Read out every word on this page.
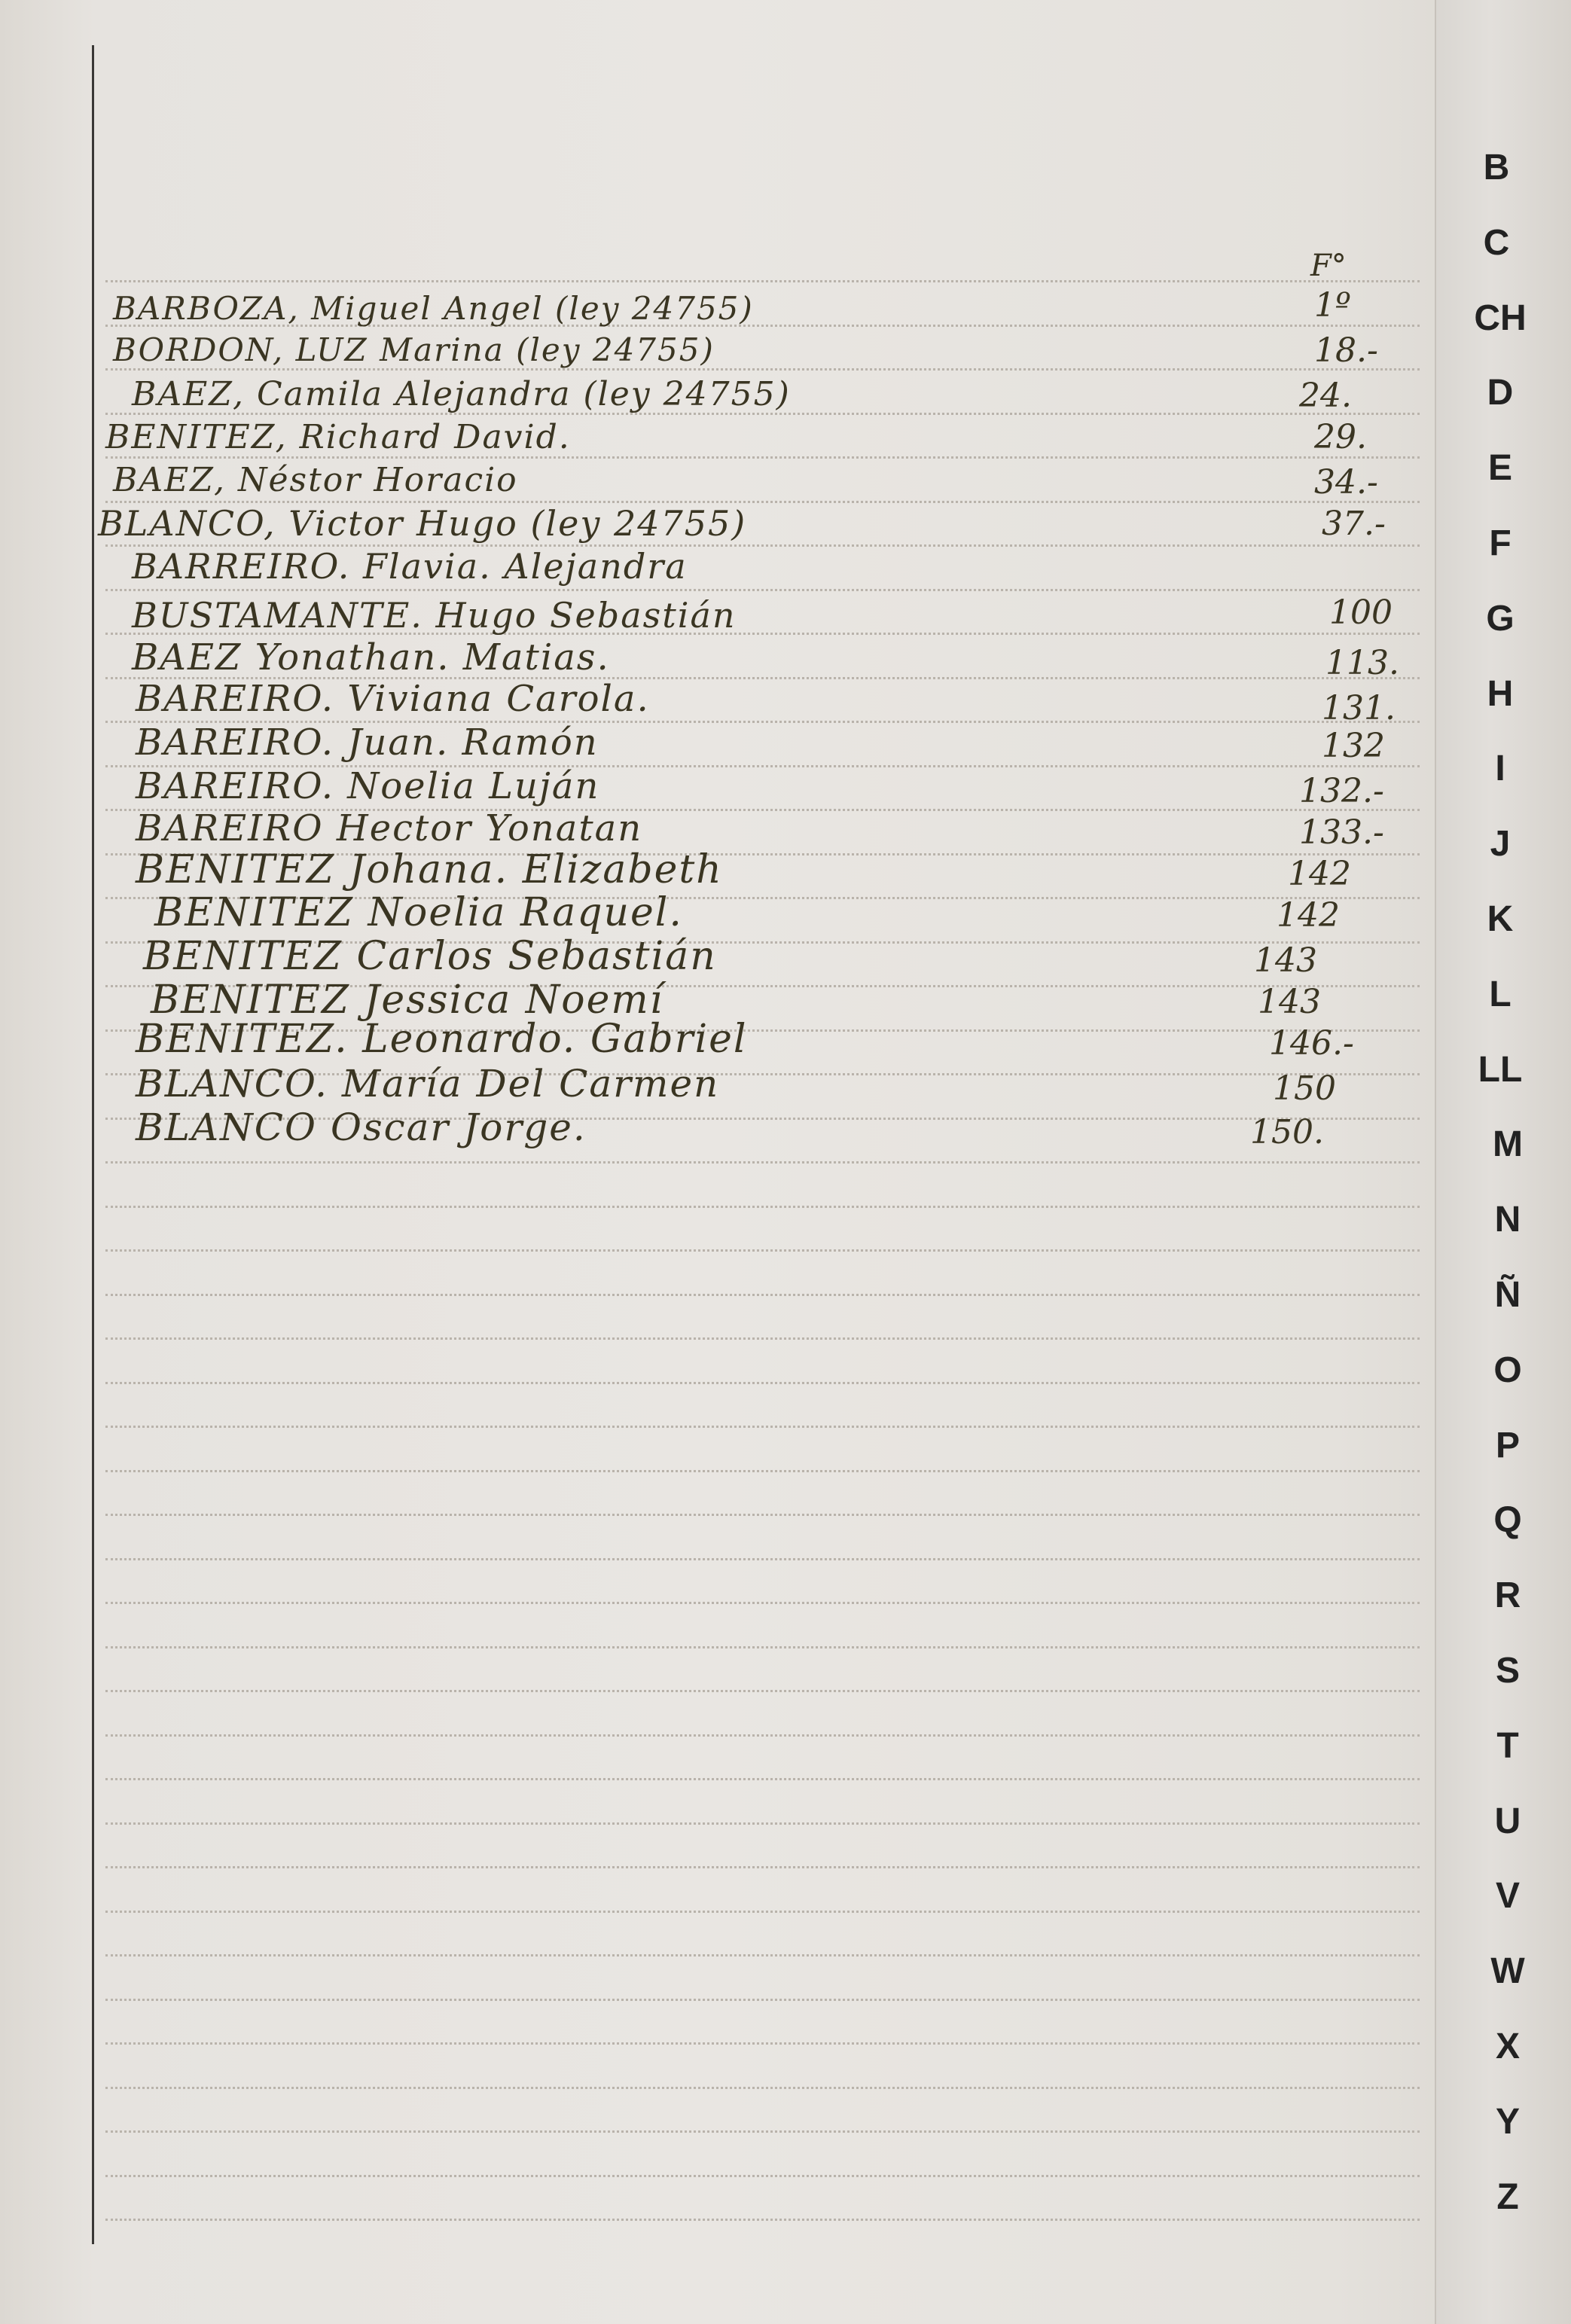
F°
BARBOZA, Miguel Angel (ley 24755)	1º
BORDON, LUZ Marina (ley 24755)	18.-
BAEZ, Camila Alejandra (ley 24755)	24.
BENITEZ, Richard David.	29.
BAEZ, Néstor Horacio	34.-
BLANCO, Victor Hugo (ley 24755)	37.-
BARREIRO. Flavia. Alejandra
BUSTAMANTE. Hugo Sebastián	100
BAEZ Yonathan. Matias.	113.
BAREIRO. Viviana Carola.	131.
BAREIRO. Juan. Ramón	132
BAREIRO. Noelia Luján	132.-
BAREIRO Hector Yonatan	133.-
BENITEZ Johana. Elizabeth	142
BENITEZ Noelia Raquel.	142
BENITEZ Carlos Sebastián	143
BENITEZ Jessica Noemí	143
BENITEZ. Leonardo. Gabriel	146.-
BLANCO. María Del Carmen	150
BLANCO Oscar Jorge.	150.
B
C
CH
D
E
F
G
H
I
J
K
L
LL
M
N
Ñ
O
P
Q
R
S
T
U
V
W
X
Y
Z
